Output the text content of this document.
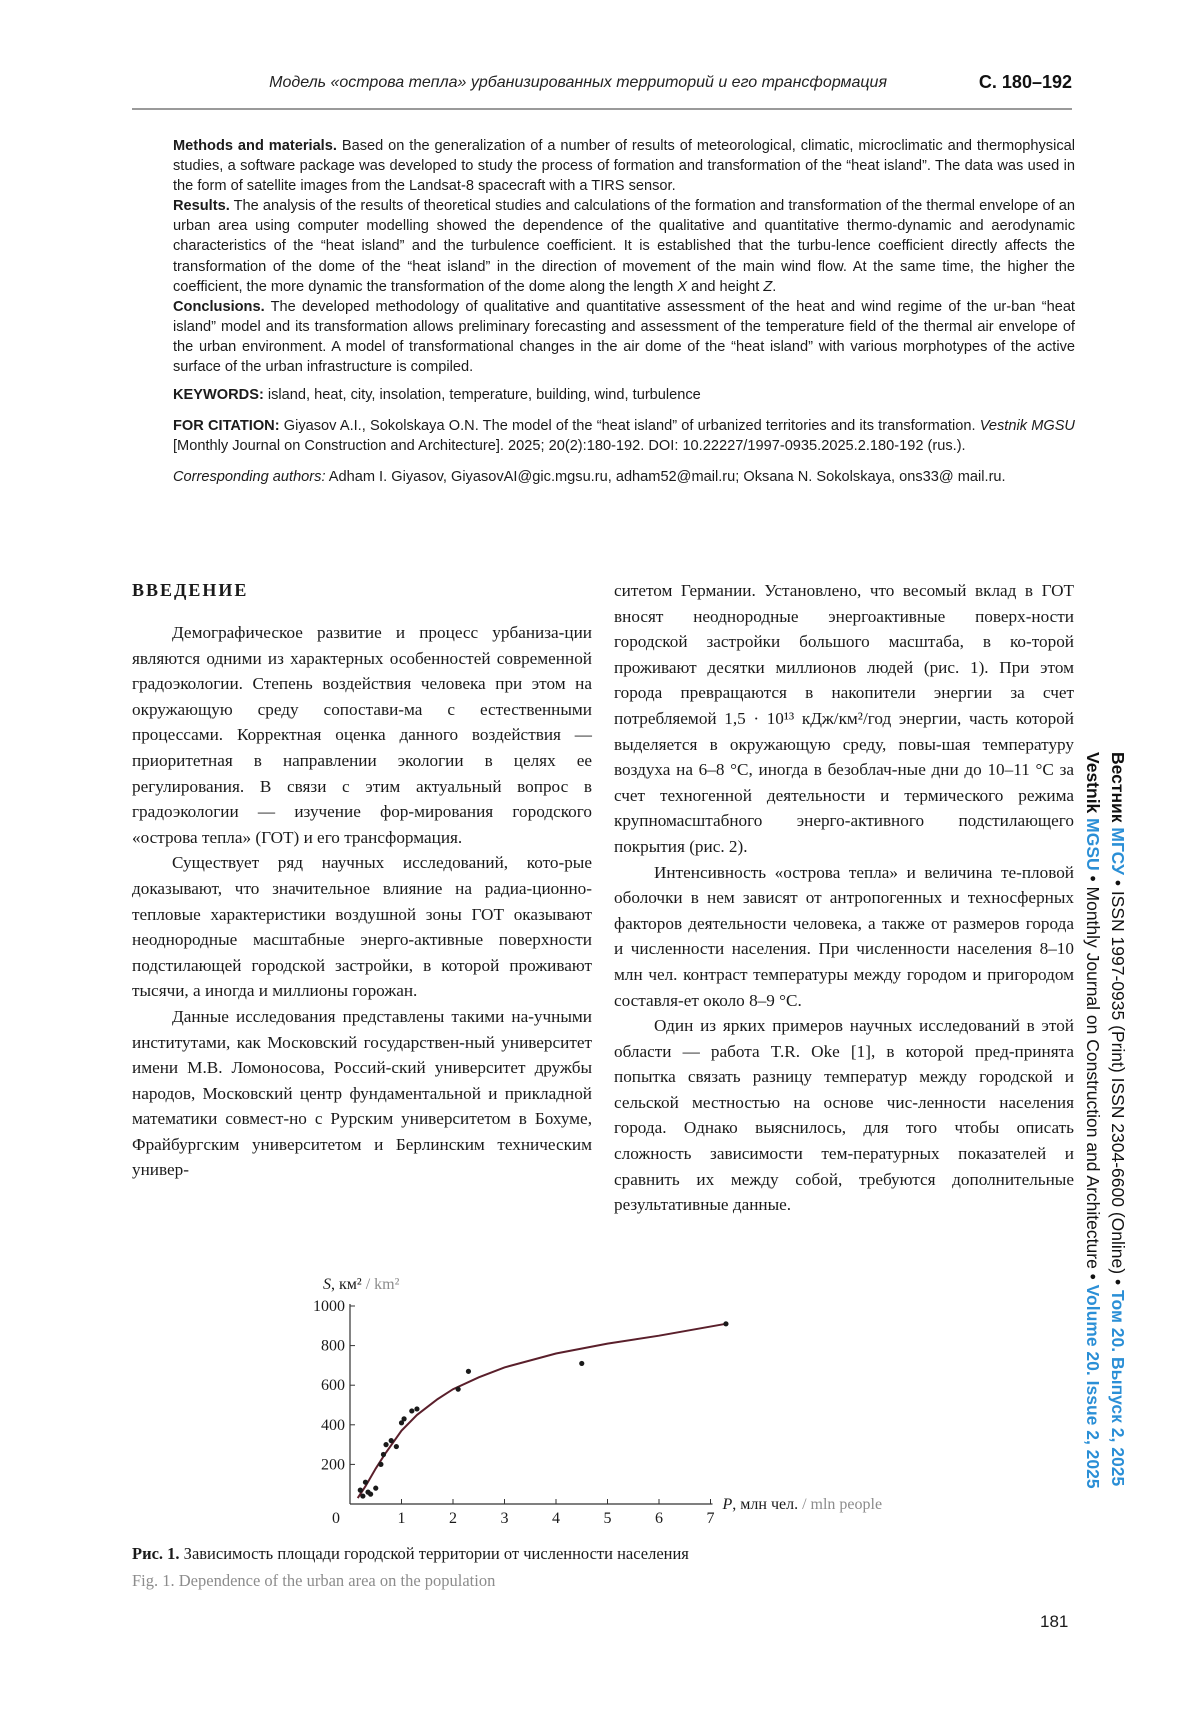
Модель «острова тепла» урбанизированных территорий и его трансформация	С. 180–192

Methods and materials. Based on the generalization of a number of results of meteorological, climatic, microclimatic and thermophysical studies, a software package was developed to study the process of formation and transformation of the “heat island”. The data was used in the form of satellite images from the Landsat-8 spacecraft with a TIRS sensor.

Results. The analysis of the results of theoretical studies and calculations of the formation and transformation of the thermal envelope of an urban area using computer modelling showed the dependence of the qualitative and quantitative thermo-dynamic and aerodynamic characteristics of the “heat island” and the turbulence coefficient. It is established that the turbu-lence coefficient directly affects the transformation of the dome of the “heat island” in the direction of movement of the main wind flow. At the same time, the higher the coefficient, the more dynamic the transformation of the dome along the length X and height Z.

Conclusions. The developed methodology of qualitative and quantitative assessment of the heat and wind regime of the ur-ban “heat island” model and its transformation allows preliminary forecasting and assessment of the temperature field of the thermal air envelope of the urban environment. A model of transformational changes in the air dome of the “heat island” with various morphotypes of the active surface of the urban infrastructure is compiled.

KEYWORDS: island, heat, city, insolation, temperature, building, wind, turbulence

FOR CITATION: Giyasov A.I., Sokolskaya O.N. The model of the “heat island” of urbanized territories and its transformation. Vestnik MGSU [Monthly Journal on Construction and Architecture]. 2025; 20(2):180-192. DOI: 10.22227/1997-0935.2025.2.180-192 (rus.).

Corresponding authors: Adham I. Giyasov, GiyasovAI@gic.mgsu.ru, adham52@mail.ru; Oksana N. Sokolskaya, ons33@ mail.ru.

ВВЕДЕНИЕ

Демографическое развитие и процесс урбаниза-ции являются одними из характерных особенностей современной градоэкологии. Степень воздействия человека при этом на окружающую среду сопостави-ма с естественными процессами. Корректная оценка данного воздействия — приоритетная в направлении экологии в целях ее регулирования. В связи с этим актуальный вопрос в градоэкологии — изучение фор-мирования городского «острова тепла» (ГОТ) и его трансформация.

Существует ряд научных исследований, кото-рые доказывают, что значительное влияние на радиа-ционно-тепловые характеристики воздушной зоны ГОТ оказывают неоднородные масштабные энерго-активные поверхности подстилающей городской застройки, в которой проживают тысячи, а иногда и миллионы горожан.

Данные исследования представлены такими на-учными институтами, как Московский государствен-ный университет имени М.В. Ломоносова, Россий-ский университет дружбы народов, Московский центр фундаментальной и прикладной математики совмест-но с Рурским университетом в Бохуме, Фрайбургским университетом и Берлинским техническим универ-

ситетом Германии. Установлено, что весомый вклад в ГОТ вносят неоднородные энергоактивные поверх-ности городской застройки большого масштаба, в ко-торой проживают десятки миллионов людей (рис. 1). При этом города превращаются в накопители энергии за счет потребляемой 1,5 · 10¹³ кДж/км²/год энергии, часть которой выделяется в окружающую среду, повы-шая температуру воздуха на 6–8 °C, иногда в безоблач-ные дни до 10–11 °C за счет техногенной деятельности и термического режима крупномасштабного энерго-активного подстилающего покрытия (рис. 2).

Интенсивность «острова тепла» и величина те-пловой оболочки в нем зависят от антропогенных и техносферных факторов деятельности человека, а также от размеров города и численности населения. При численности населения 8–10 млн чел. контраст температуры между городом и пригородом составля-ет около 8–9 °C.

Один из ярких примеров научных исследований в этой области — работа T.R. Oke [1], в которой пред-принята попытка связать разницу температур между городской и сельской местностью на основе чис-ленности населения города. Однако выяснилось, для того чтобы описать сложность зависимости тем-пературных показателей и сравнить их между собой, требуются дополнительные результативные данные.

Вестник МГСУ • ISSN 1997-0935 (Print) ISSN 2304-6600 (Online) • Том 20. Выпуск 2, 2025
Vestnik MGSU • Monthly Journal on Construction and Architecture • Volume 20. Issue 2, 2025
0	1	2	3	4	5	6	7
200
400
600
800
1000
S, км² / km²
P, млн чел. / mln people
Рис. 1. Зависимость площади городской территории от численности населения
Fig. 1. Dependence of the urban area on the population
181
